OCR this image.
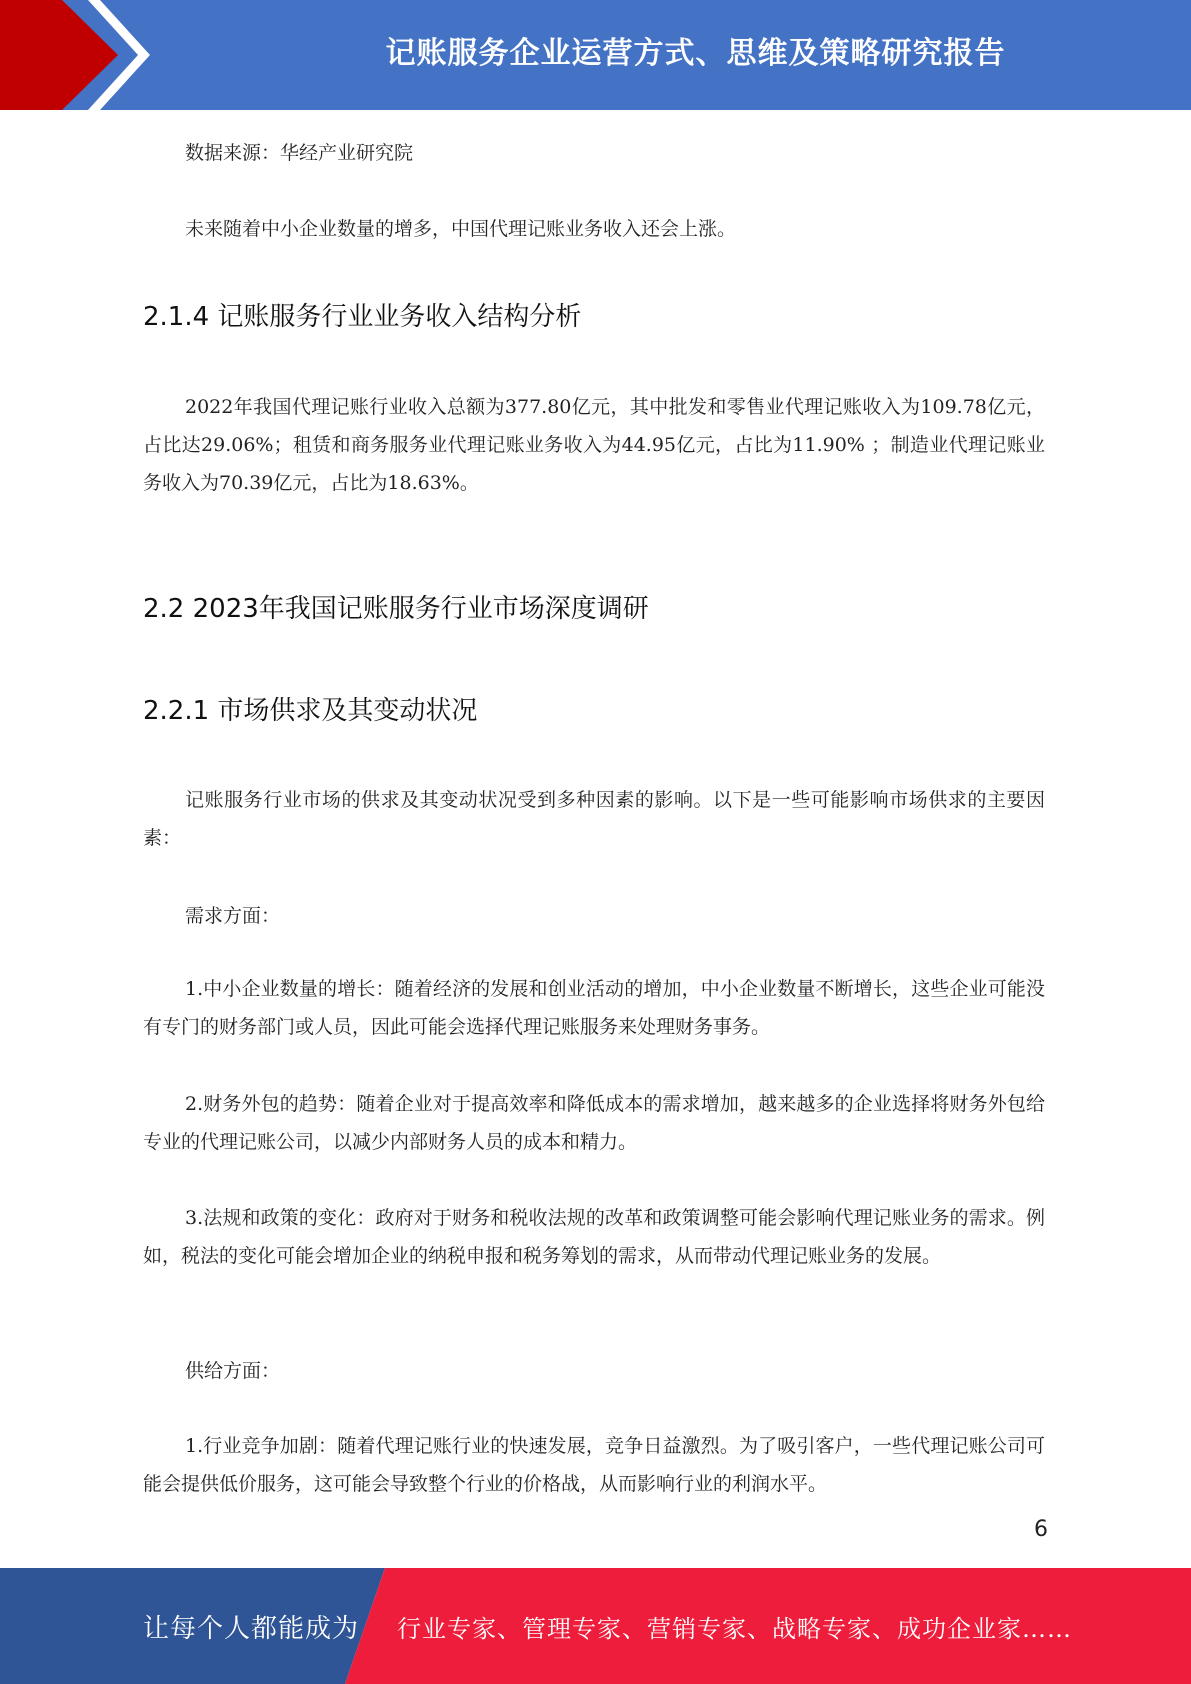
记账服务企业运营方式、思维及策略研究报告

数据来源：华经产业研究院

未来随着中小企业数量的增多，中国代理记账业务收入还会上涨。

2.1.4 记账服务行业业务收入结构分析

2022年我国代理记账行业收入总额为377.80亿元，其中批发和零售业代理记账收入为109.78亿元，占比达29.06%；租赁和商务服务业代理记账业务收入为44.95亿元，占比为11.90% ；制造业代理记账业务收入为70.39亿元，占比为18.63%。

2.2 2023年我国记账服务行业市场深度调研
2.2.1 市场供求及其变动状况

记账服务行业市场的供求及其变动状况受到多种因素的影响。以下是一些可能影响市场供求的主要因素：

需求方面：

1.中小企业数量的增长：随着经济的发展和创业活动的增加，中小企业数量不断增长，这些企业可能没有专门的财务部门或人员，因此可能会选择代理记账服务来处理财务事务。

2.财务外包的趋势：随着企业对于提高效率和降低成本的需求增加，越来越多的企业选择将财务外包给专业的代理记账公司，以减少内部财务人员的成本和精力。

3.法规和政策的变化：政府对于财务和税收法规的改革和政策调整可能会影响代理记账业务的需求。例如，税法的变化可能会增加企业的纳税申报和税务筹划的需求，从而带动代理记账业务的发展。

供给方面：

1.行业竞争加剧：随着代理记账行业的快速发展，竞争日益激烈。为了吸引客户，一些代理记账公司可能会提供低价服务，这可能会导致整个行业的价格战，从而影响行业的利润水平。

6
让每个人都能成为 行业专家、管理专家、营销专家、战略专家、成功企业家……
